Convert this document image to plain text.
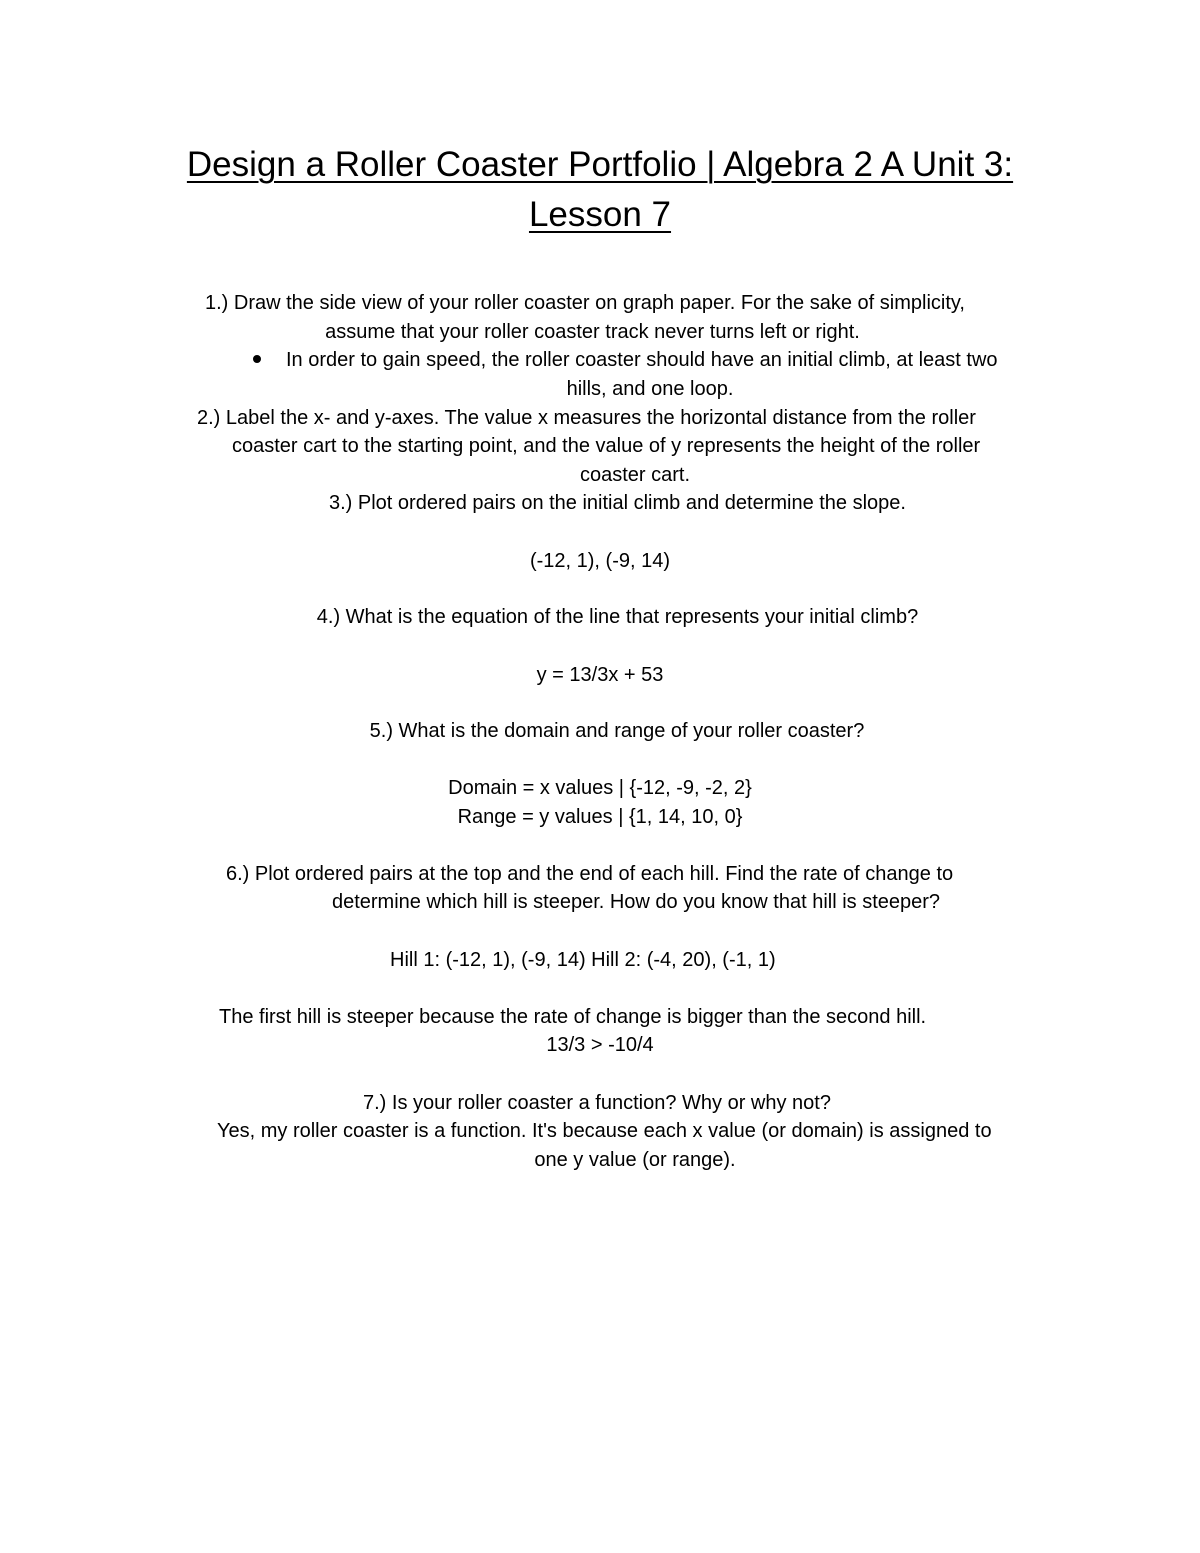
Design a Roller Coaster Portfolio | Algebra 2 A Unit 3:
Lesson 7
1.) Draw the side view of your roller coaster on graph paper. For the sake of simplicity,
assume that your roller coaster track never turns left or right.
In order to gain speed, the roller coaster should have an initial climb, at least two
hills, and one loop.
2.) Label the x- and y-axes. The value x measures the horizontal distance from the roller
coaster cart to the starting point, and the value of y represents the height of the roller
coaster cart.
3.) Plot ordered pairs on the initial climb and determine the slope.
(-12, 1), (-9, 14)
4.) What is the equation of the line that represents your initial climb?
y = 13/3x + 53
5.) What is the domain and range of your roller coaster?
Domain = x values | {-12, -9, -2, 2}
Range = y values | {1, 14, 10, 0}
6.) Plot ordered pairs at the top and the end of each hill. Find the rate of change to
determine which hill is steeper. How do you know that hill is steeper?
Hill 1: (-12, 1), (-9, 14) Hill 2: (-4, 20), (-1, 1)
The first hill is steeper because the rate of change is bigger than the second hill.
13/3 > -10/4
7.) Is your roller coaster a function? Why or why not?
Yes, my roller coaster is a function. It's because each x value (or domain) is assigned to
one y value (or range).
